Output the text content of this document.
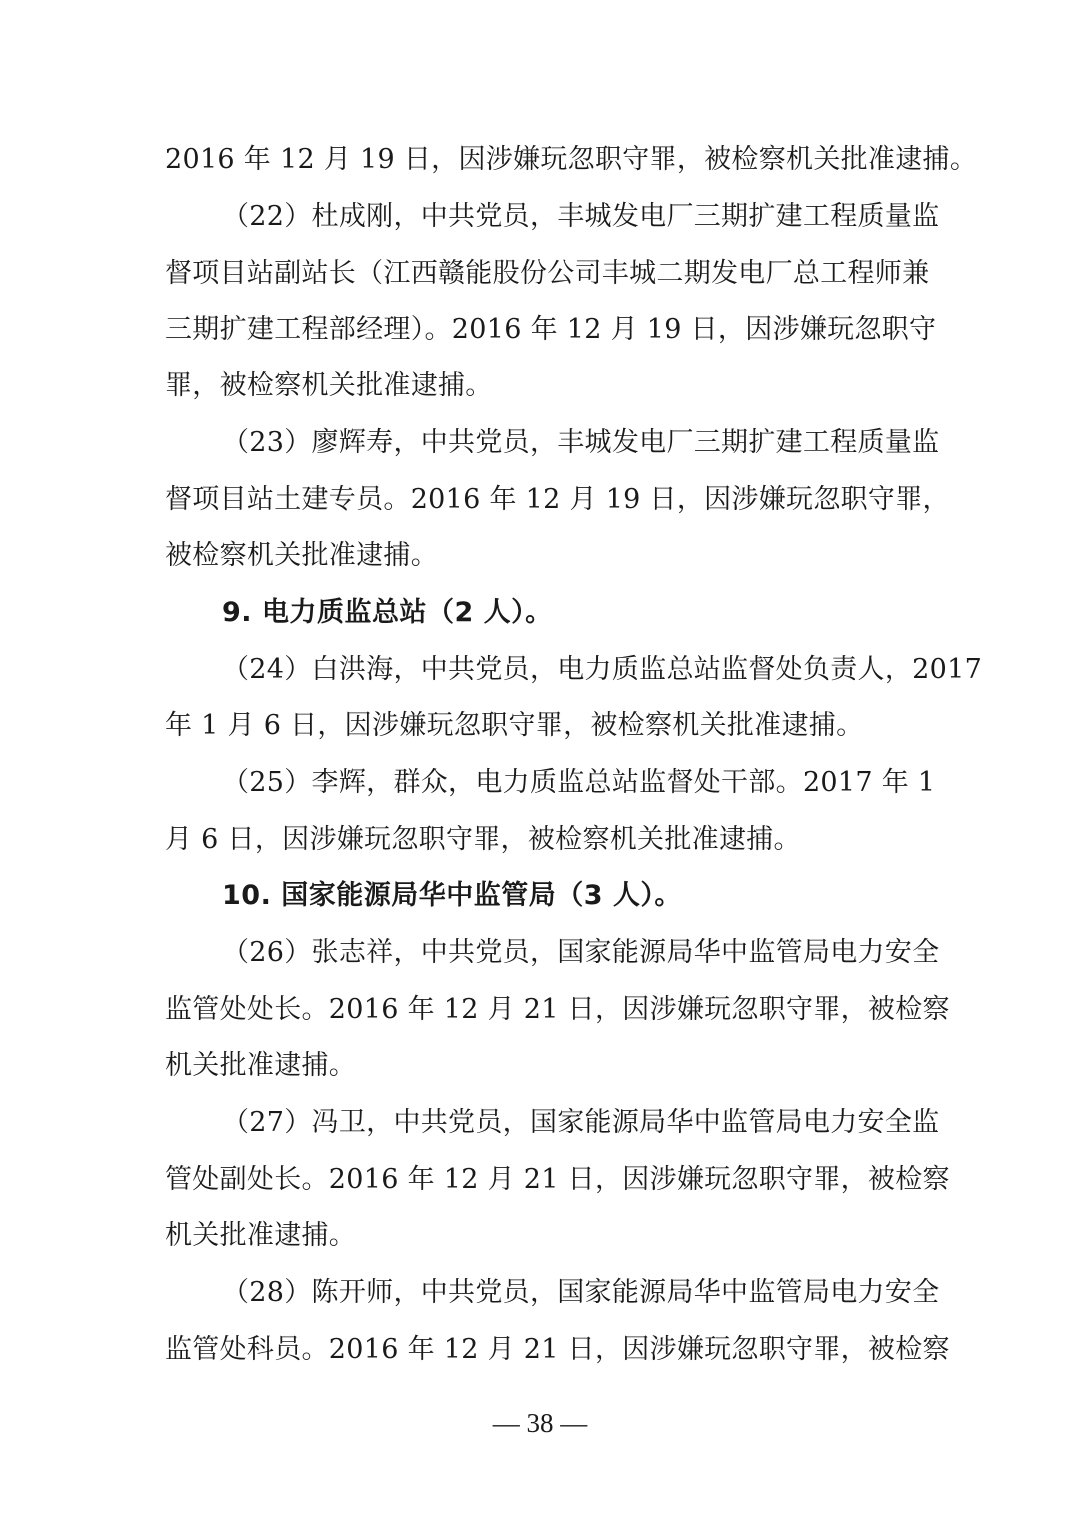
2016 年 12 月 19 日，因涉嫌玩忽职守罪，被检察机关批准逮捕。
（22）杜成刚，中共党员，丰城发电厂三期扩建工程质量监
督项目站副站长（江西赣能股份公司丰城二期发电厂总工程师兼
三期扩建工程部经理）。2016 年 12 月 19 日，因涉嫌玩忽职守
罪，被检察机关批准逮捕。
（23）廖辉寿，中共党员，丰城发电厂三期扩建工程质量监
督项目站土建专员。2016 年 12 月 19 日，因涉嫌玩忽职守罪，
被检察机关批准逮捕。
9. 电力质监总站（2 人）。
（24）白洪海，中共党员，电力质监总站监督处负责人，2017
年 1 月 6 日，因涉嫌玩忽职守罪，被检察机关批准逮捕。
（25）李辉，群众，电力质监总站监督处干部。2017 年 1
月 6 日，因涉嫌玩忽职守罪，被检察机关批准逮捕。
10. 国家能源局华中监管局（3 人）。
（26）张志祥，中共党员，国家能源局华中监管局电力安全
监管处处长。2016 年 12 月 21 日，因涉嫌玩忽职守罪，被检察
机关批准逮捕。
（27）冯卫，中共党员，国家能源局华中监管局电力安全监
管处副处长。2016 年 12 月 21 日，因涉嫌玩忽职守罪，被检察
机关批准逮捕。
（28）陈开师，中共党员，国家能源局华中监管局电力安全
监管处科员。2016 年 12 月 21 日，因涉嫌玩忽职守罪，被检察
— 38 —
